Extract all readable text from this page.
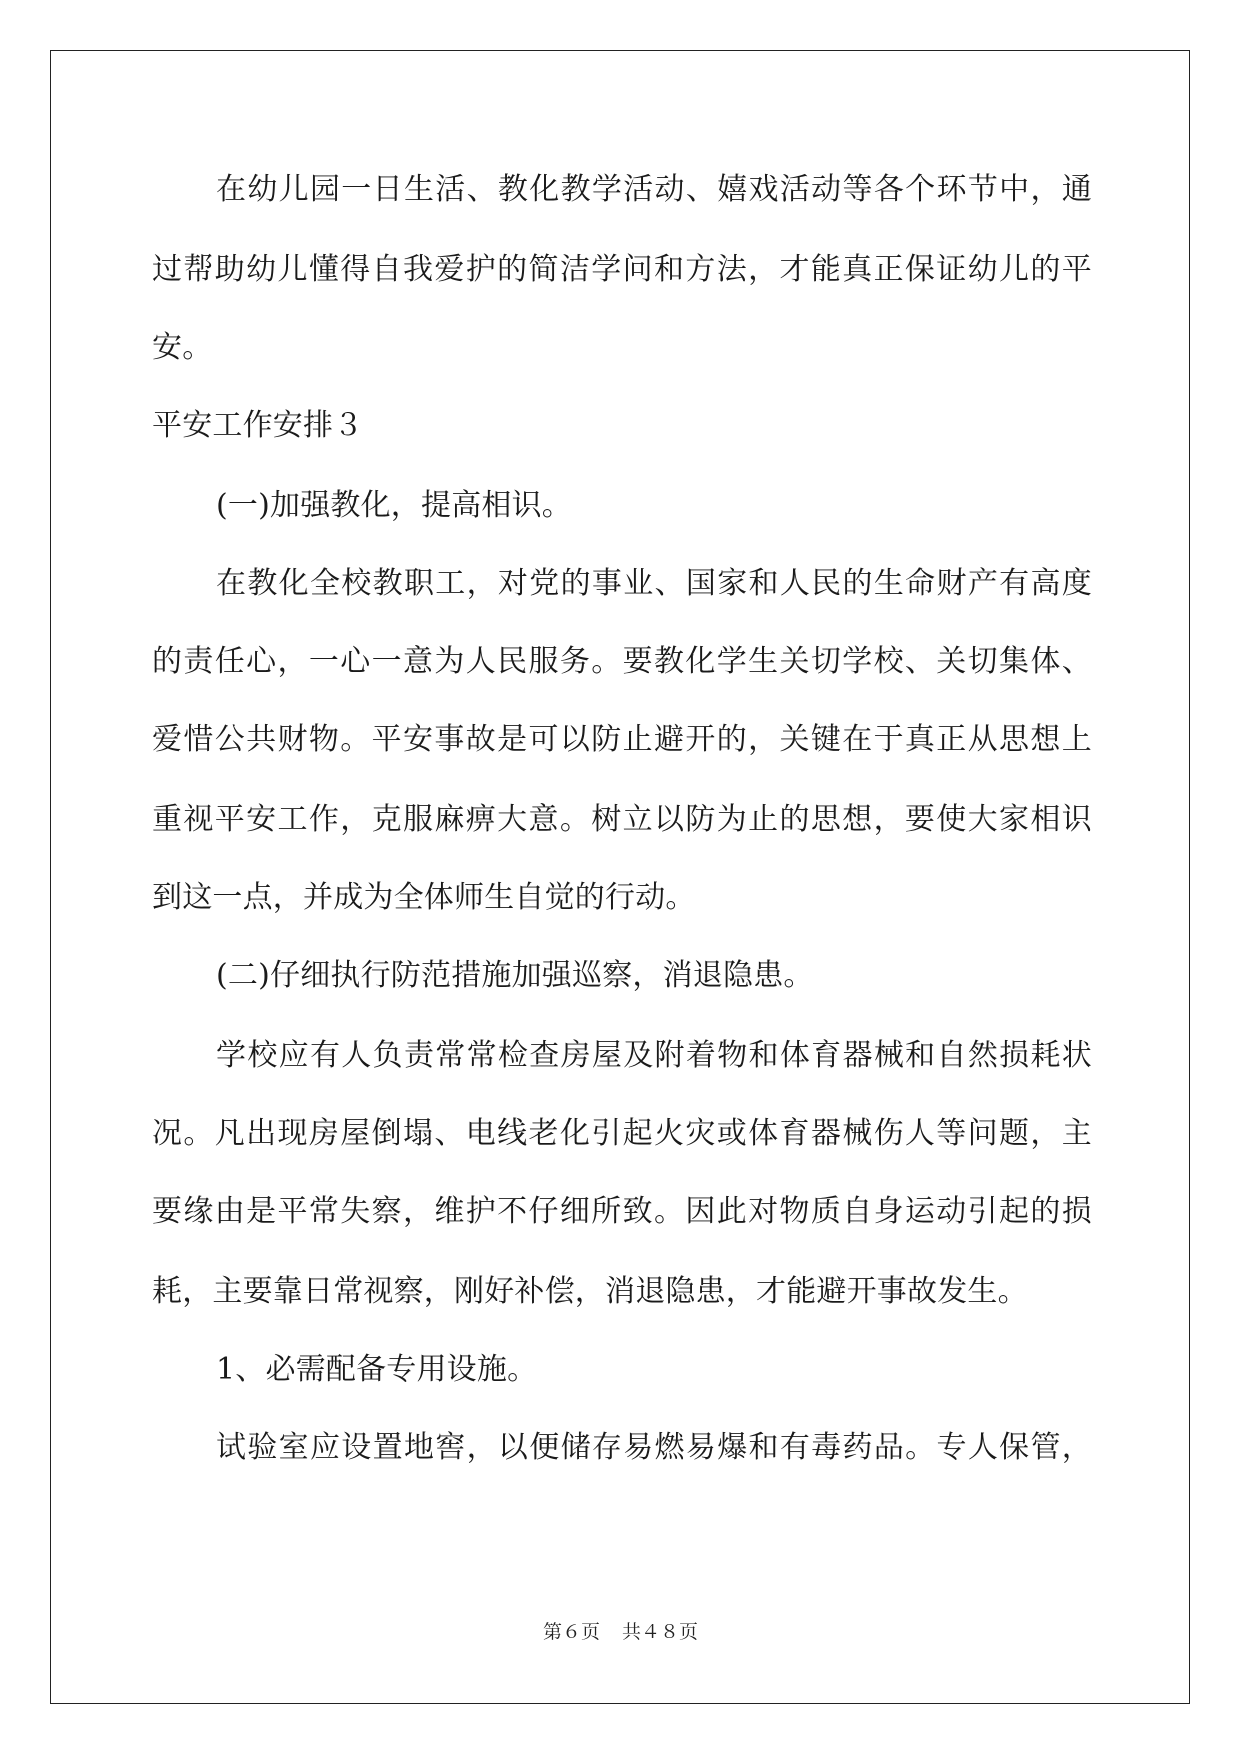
在幼儿园一日生活、教化教学活动、嬉戏活动等各个环节中，通
过帮助幼儿懂得自我爱护的简洁学问和方法，才能真正保证幼儿的平
安。
平安工作安排３
(一)加强教化，提高相识。
在教化全校教职工，对党的事业、国家和人民的生命财产有高度
的责任心，一心一意为人民服务。要教化学生关切学校、关切集体、
爱惜公共财物。平安事故是可以防止避开的，关键在于真正从思想上
重视平安工作，克服麻痹大意。树立以防为止的思想，要使大家相识
到这一点，并成为全体师生自觉的行动。
(二)仔细执行防范措施加强巡察，消退隐患。
学校应有人负责常常检查房屋及附着物和体育器械和自然损耗状
况。凡出现房屋倒塌、电线老化引起火灾或体育器械伤人等问题，主
要缘由是平常失察，维护不仔细所致。因此对物质自身运动引起的损
耗，主要靠日常视察，刚好补偿，消退隐患，才能避开事故发生。
1、必需配备专用设施。
试验室应设置地窖，以便储存易燃易爆和有毒药品。专人保管，
第６页 共４８页
